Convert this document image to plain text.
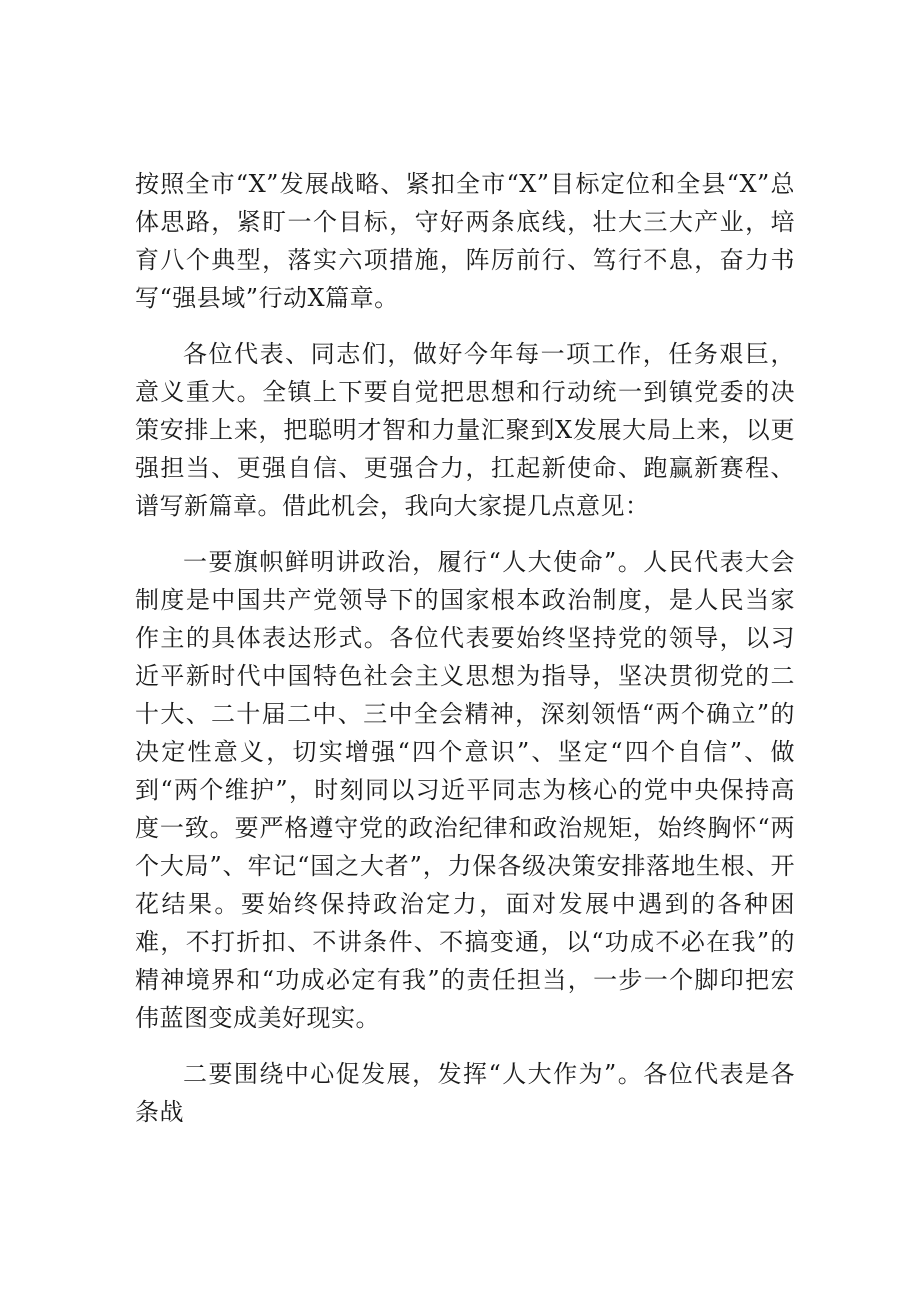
按照全市“X”发展战略、紧扣全市“X”目标定位和全县“X”总体思路，紧盯一个目标，守好两条底线，壮大三大产业，培育八个典型，落实六项措施，阵厉前行、笃行不息，奋力书写“强县域”行动X篇章。

各位代表、同志们，做好今年每一项工作，任务艰巨，意义重大。全镇上下要自觉把思想和行动统一到镇党委的决策安排上来，把聪明才智和力量汇聚到X发展大局上来，以更强担当、更强自信、更强合力，扛起新使命、跑赢新赛程、谱写新篇章。借此机会，我向大家提几点意见：

一要旗帜鲜明讲政治，履行“人大使命”。人民代表大会制度是中国共产党领导下的国家根本政治制度，是人民当家作主的具体表达形式。各位代表要始终坚持党的领导，以习近平新时代中国特色社会主义思想为指导，坚决贯彻党的二十大、二十届二中、三中全会精神，深刻领悟“两个确立”的决定性意义，切实增强“四个意识”、坚定“四个自信”、做到“两个维护”，时刻同以习近平同志为核心的党中央保持高度一致。要严格遵守党的政治纪律和政治规矩，始终胸怀“两个大局”、牢记“国之大者”，力保各级决策安排落地生根、开花结果。要始终保持政治定力，面对发展中遇到的各种困难，不打折扣、不讲条件、不搞变通，以“功成不必在我”的精神境界和“功成必定有我”的责任担当，一步一个脚印把宏伟蓝图变成美好现实。

二要围绕中心促发展，发挥“人大作为”。各位代表是各条战
